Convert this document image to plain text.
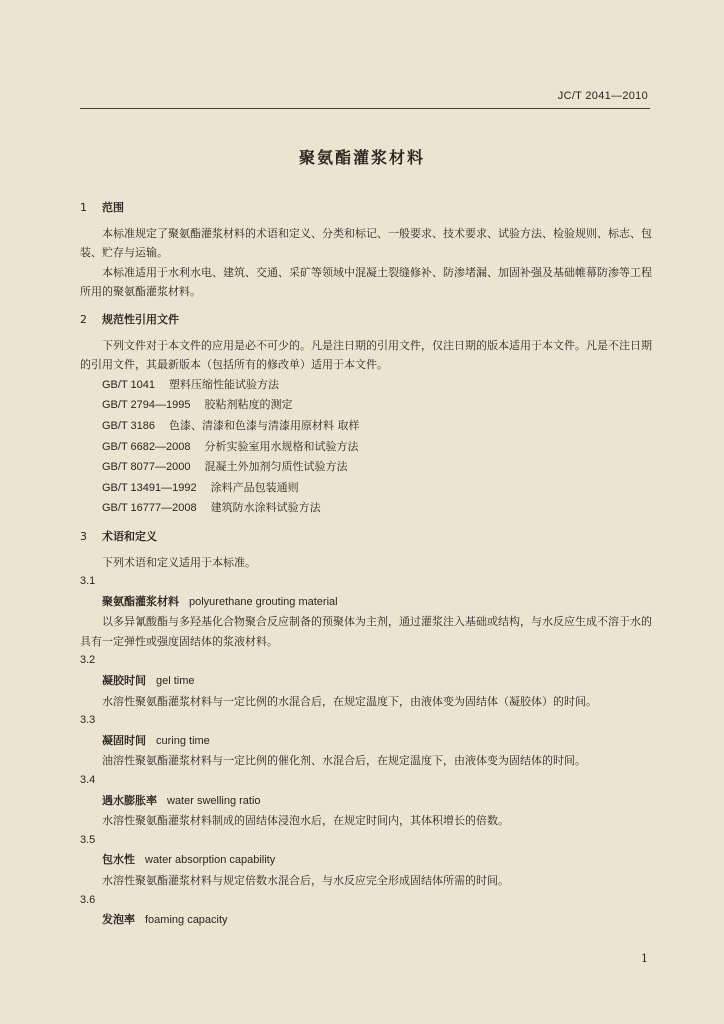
JC/T 2041—2010
聚氨酯灌浆材料
1 范围
本标准规定了聚氨酯灌浆材料的术语和定义、分类和标记、一般要求、技术要求、试验方法、检验规则、标志、包装、贮存与运输。
本标准适用于水利水电、建筑、交通、采矿等领域中混凝土裂缝修补、防渗堵漏、加固补强及基础帷幕防渗等工程所用的聚氨酯灌浆材料。
2 规范性引用文件
下列文件对于本文件的应用是必不可少的。凡是注日期的引用文件，仅注日期的版本适用于本文件。凡是不注日期的引用文件，其最新版本（包括所有的修改单）适用于本文件。
GB/T 1041 塑料压缩性能试验方法
GB/T 2794—1995 胶粘剂粘度的测定
GB/T 3186 色漆、清漆和色漆与清漆用原材料 取样
GB/T 6682—2008 分析实验室用水规格和试验方法
GB/T 8077—2000 混凝土外加剂匀质性试验方法
GB/T 13491—1992 涂料产品包装通则
GB/T 16777—2008 建筑防水涂料试验方法
3 术语和定义
下列术语和定义适用于本标准。
3.1
聚氨酯灌浆材料 polyurethane grouting material
以多异氰酸酯与多羟基化合物聚合反应制备的预聚体为主剂，通过灌浆注入基础或结构，与水反应生成不溶于水的具有一定弹性或强度固结体的浆液材料。
3.2
凝胶时间 gel time
水溶性聚氨酯灌浆材料与一定比例的水混合后，在规定温度下，由液体变为固结体（凝胶体）的时间。
3.3
凝固时间 curing time
油溶性聚氨酯灌浆材料与一定比例的催化剂、水混合后，在规定温度下，由液体变为固结体的时间。
3.4
遇水膨胀率 water swelling ratio
水溶性聚氨酯灌浆材料制成的固结体浸泡水后，在规定时间内，其体积增长的倍数。
3.5
包水性 water absorption capability
水溶性聚氨酯灌浆材料与规定倍数水混合后，与水反应完全形成固结体所需的时间。
3.6
发泡率 foaming capacity
1
